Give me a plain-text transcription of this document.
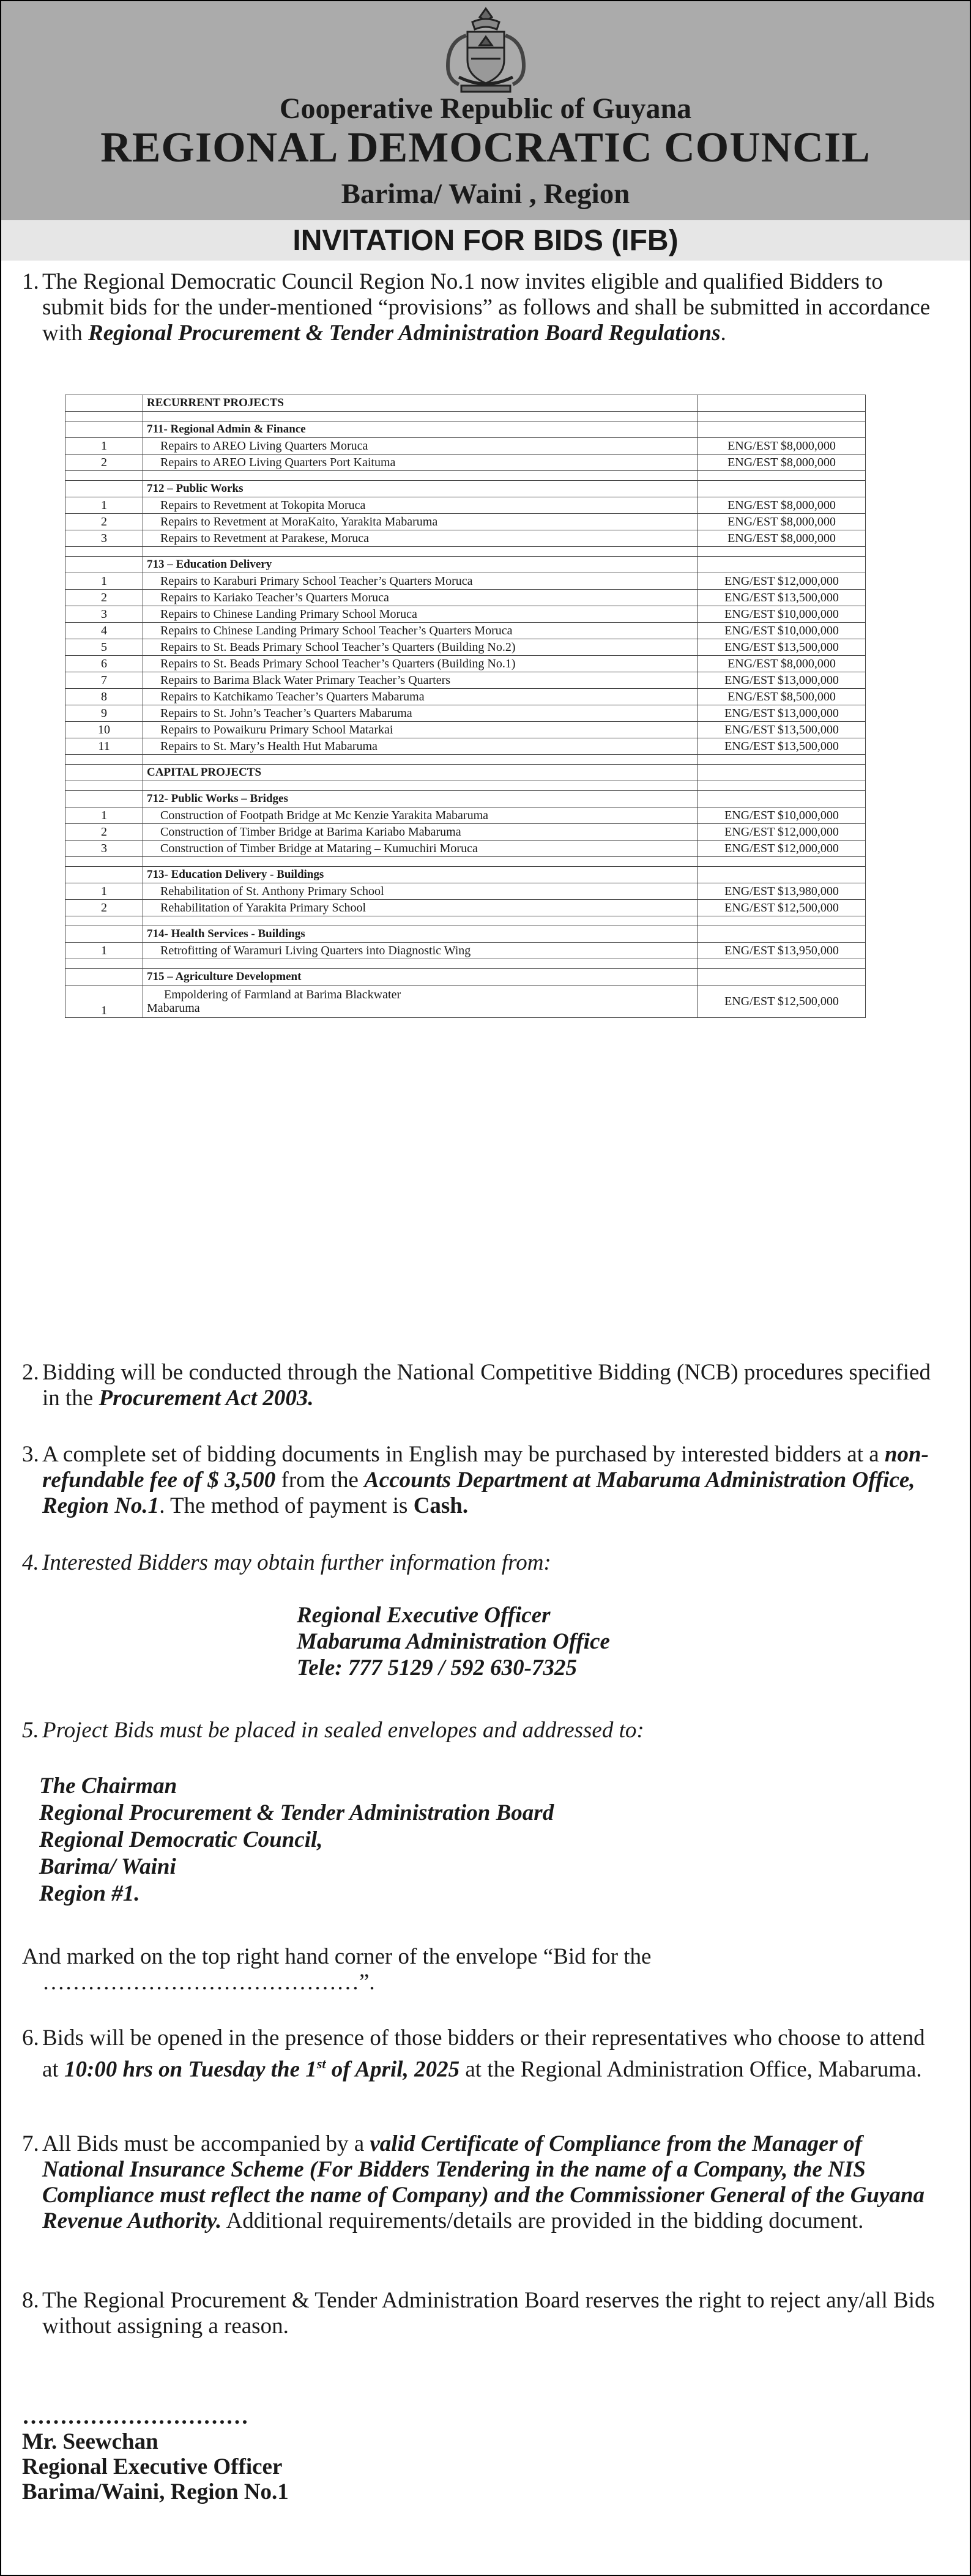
Cooperative Republic of Guyana
REGIONAL DEMOCRATIC COUNCIL
Barima/ Waini , Region
INVITATION FOR BIDS (IFB)
1. The Regional Democratic Council Region No.1 now invites eligible and qualified Bidders to submit bids for the under-mentioned “provisions” as follows and shall be submitted in accordance with Regional Procurement & Tender Administration Board Regulations.
	RECURRENT PROJECTS	

	711- Regional Admin & Finance	
1	Repairs to AREO Living Quarters Moruca	ENG/EST $8,000,000
2	Repairs to AREO Living Quarters Port Kaituma	ENG/EST $8,000,000

	712 – Public Works	
1	Repairs to Revetment at Tokopita Moruca	ENG/EST $8,000,000
2	Repairs to Revetment at MoraKaito, Yarakita Mabaruma	ENG/EST $8,000,000
3	Repairs to Revetment at Parakese, Moruca	ENG/EST $8,000,000

	713 – Education Delivery	
1	Repairs to Karaburi Primary School Teacher’s Quarters Moruca	ENG/EST $12,000,000
2	Repairs to Kariako Teacher’s Quarters Moruca	ENG/EST $13,500,000
3	Repairs to Chinese Landing Primary School Moruca	ENG/EST $10,000,000
4	Repairs to Chinese Landing Primary School Teacher’s Quarters Moruca	ENG/EST $10,000,000
5	Repairs to St. Beads Primary School Teacher’s Quarters (Building No.2)	ENG/EST $13,500,000
6	Repairs to St. Beads Primary School Teacher’s Quarters (Building No.1)	ENG/EST $8,000,000
7	Repairs to Barima Black Water Primary Teacher’s Quarters	ENG/EST $13,000,000
8	Repairs to Katchikamo Teacher’s Quarters Mabaruma	ENG/EST $8,500,000
9	Repairs to St. John’s Teacher’s Quarters Mabaruma	ENG/EST $13,000,000
10	Repairs to Powaikuru Primary School Matarkai	ENG/EST $13,500,000
11	Repairs to St. Mary’s Health Hut Mabaruma	ENG/EST $13,500,000

	CAPITAL PROJECTS	

	712- Public Works – Bridges	
1	Construction of Footpath Bridge at Mc Kenzie Yarakita Mabaruma	ENG/EST $10,000,000
2	Construction of Timber Bridge at Barima Kariabo Mabaruma	ENG/EST $12,000,000
3	Construction of Timber Bridge at Mataring – Kumuchiri Moruca	ENG/EST $12,000,000

	713- Education Delivery - Buildings	
1	Rehabilitation of St. Anthony Primary School	ENG/EST $13,980,000
2	Rehabilitation of Yarakita Primary School	ENG/EST $12,500,000

	714- Health Services - Buildings	
1	Retrofitting of Waramuri Living Quarters into Diagnostic Wing	ENG/EST $13,950,000

	715 – Agriculture Development	
1	Empoldering of Farmland at Barima Blackwater
Mabaruma	ENG/EST $12,500,000
2. Bidding will be conducted through the National Competitive Bidding (NCB) procedures specified in the Procurement Act 2003.
3. A complete set of bidding documents in English may be purchased by interested bidders at a non-refundable fee of $ 3,500 from the Accounts Department at Mabaruma Administration Office, Region No.1. The method of payment is Cash.
4. Interested Bidders may obtain further information from:
Regional Executive Officer
Mabaruma Administration Office
Tele: 777 5129 / 592 630-7325
5. Project Bids must be placed in sealed envelopes and addressed to:
The Chairman
Regional Procurement & Tender Administration Board
Regional Democratic Council,
Barima/ Waini
Region #1.
And marked on the top right hand corner of the envelope “Bid for the
……………………………………”.
6. Bids will be opened in the presence of those bidders or their representatives who choose to attend at 10:00 hrs on Tuesday the 1st of April, 2025 at the Regional Administration Office, Mabaruma.
7. All Bids must be accompanied by a valid Certificate of Compliance from the Manager of National Insurance Scheme (For Bidders Tendering in the name of a Company, the NIS Compliance must reflect the name of Company) and the Commissioner General of the Guyana Revenue Authority. Additional requirements/details are provided in the bidding document.
8. The Regional Procurement & Tender Administration Board reserves the right to reject any/all Bids without assigning a reason.
…………………………
Mr. Seewchan
Regional Executive Officer
Barima/Waini, Region No.1
